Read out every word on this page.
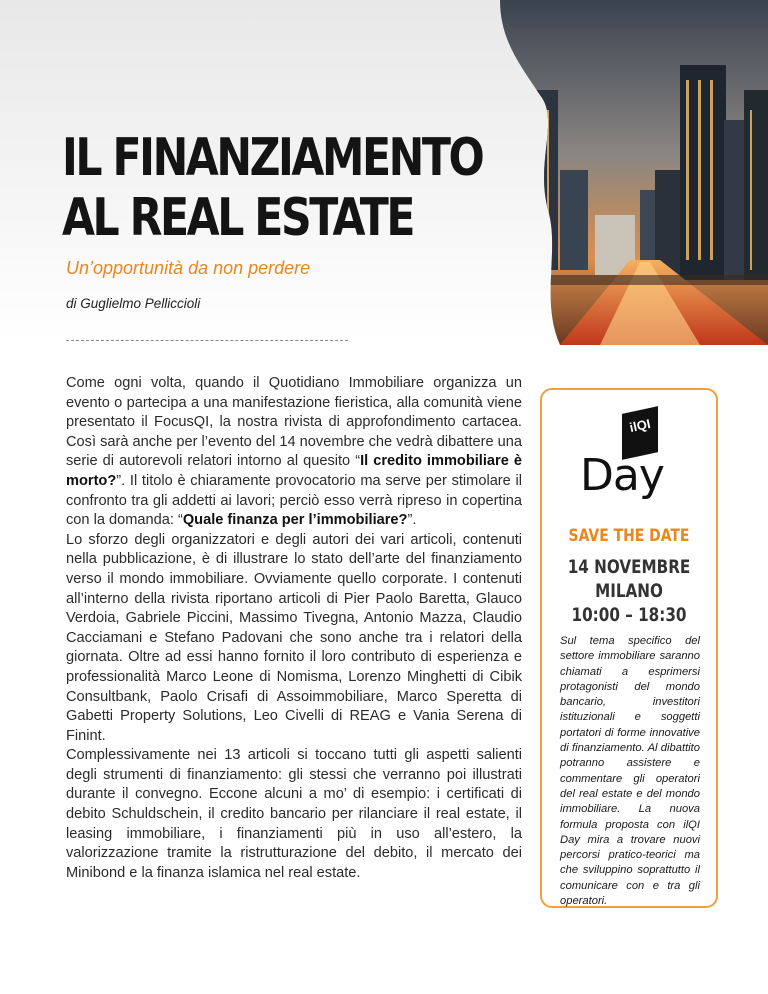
IL FINANZIAMENTO
AL REAL ESTATE

Un’opportunità da non perdere

di Guglielmo Pelliccioli

Come ogni volta, quando il Quotidiano Immobiliare organizza un evento o partecipa a una manifestazione fieristica, alla comunità viene presentato il FocusQI, la nostra rivista di approfondimento cartacea. Così sarà anche per l’evento del 14 novembre che vedrà dibattere una serie di autorevoli relatori intorno al quesito “Il credito immobiliare è morto?”. Il titolo è chiaramente provocatorio ma serve per stimolare il confronto tra gli addetti ai lavori; perciò esso verrà ripreso in copertina con la domanda: “Quale finanza per l’immobiliare?”.

Lo sforzo degli organizzatori e degli autori dei vari articoli, contenuti nella pubblicazione, è di illustrare lo stato dell’arte del finanziamento verso il mondo immobiliare. Ovviamente quello corporate. I contenuti all’interno della rivista riportano articoli di Pier Paolo Baretta, Glauco Verdoia, Gabriele Piccini, Massimo Tivegna, Antonio Mazza, Claudio Cacciamani e Stefano Padovani che sono anche tra i relatori della giornata. Oltre ad essi hanno fornito il loro contributo di esperienza e professionalità Marco Leone di Nomisma, Lorenzo Minghetti di Cibik Consultbank, Paolo Crisafi di Assoimmobiliare, Marco Speretta di Gabetti Property Solutions, Leo Civelli di REAG e Vania Serena di Finint.

Complessivamente nei 13 articoli si toccano tutti gli aspetti salienti degli strumenti di finanziamento: gli stessi che verranno poi illustrati durante il convegno. Eccone alcuni a mo’ di esempio: i certificati di debito Schuldschein, il credito bancario per rilanciare il real estate, il leasing immobiliare, i finanziamenti più in uso all’estero, la valorizzazione tramite la ristrutturazione del debito, il mercato dei Minibond e la finanza islamica nel real estate.

ilQI
Day
SAVE THE DATE
14 NOVEMBRE
MILANO
10:00 – 18:30

Sul tema specifico del settore immobiliare saranno chiamati a esprimersi protagonisti del mondo bancario, investitori istituzionali e soggetti portatori di forme innovative di finanziamento. Al dibattito potranno assistere e commentare gli operatori del real estate e del mondo immobiliare. La nuova formula proposta con ilQI Day mira a trovare nuovi percorsi pratico-teorici ma che sviluppino soprattutto il comunicare con e tra gli operatori.
